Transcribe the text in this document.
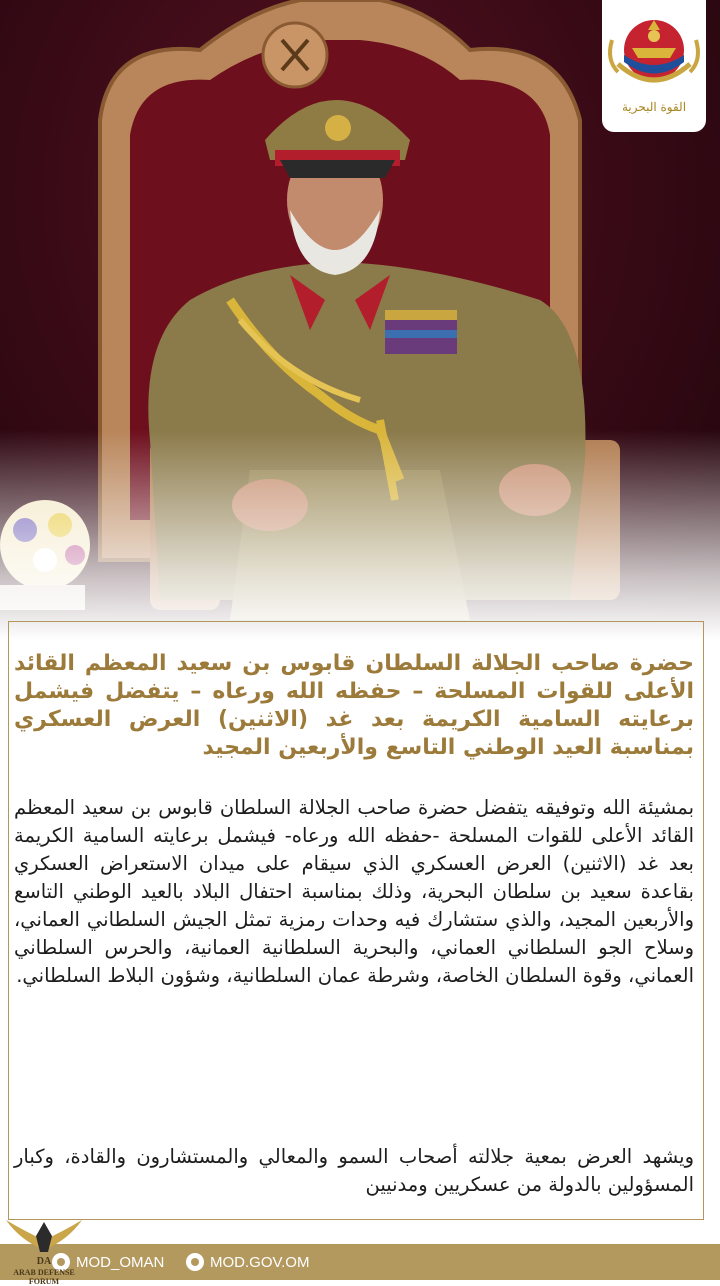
القوة البحرية

حضرة صاحب الجلالة السلطان قابوس بن سعيد المعظم القائد الأعلى للقوات المسلحة – حفظه الله ورعاه – يتفضل فيشمل برعايته السامية الكريمة بعد غد (الاثنين) العرض العسكري بمناسبة العيد الوطني التاسع والأربعين المجيد

بمشيئة الله وتوفيقه يتفضل حضرة صاحب الجلالة السلطان قابوس بن سعيد المعظم القائد الأعلى للقوات المسلحة -حفظه الله ورعاه- فيشمل برعايته السامية الكريمة بعد غد (الاثنين) العرض العسكري الذي سيقام على ميدان الاستعراض العسكري بقاعدة سعيد بن سلطان البحرية، وذلك بمناسبة احتفال البلاد بالعيد الوطني التاسع والأربعين المجيد، والذي ستشارك فيه وحدات رمزية تمثل الجيش السلطاني العماني، وسلاح الجو السلطاني العماني، والبحرية السلطانية العمانية، والحرس السلطاني العماني، وقوة السلطان الخاصة، وشرطة عمان السلطانية، وشؤون البلاط السلطاني.

ويشهد العرض بمعية جلالته أصحاب السمو والمعالي والمستشارون والقادة، وكبار المسؤولين بالدولة من عسكريين ومدنيين

MOD_OMAN	MOD.GOV.OM
DA
ARAB DEFENSE FORUM
